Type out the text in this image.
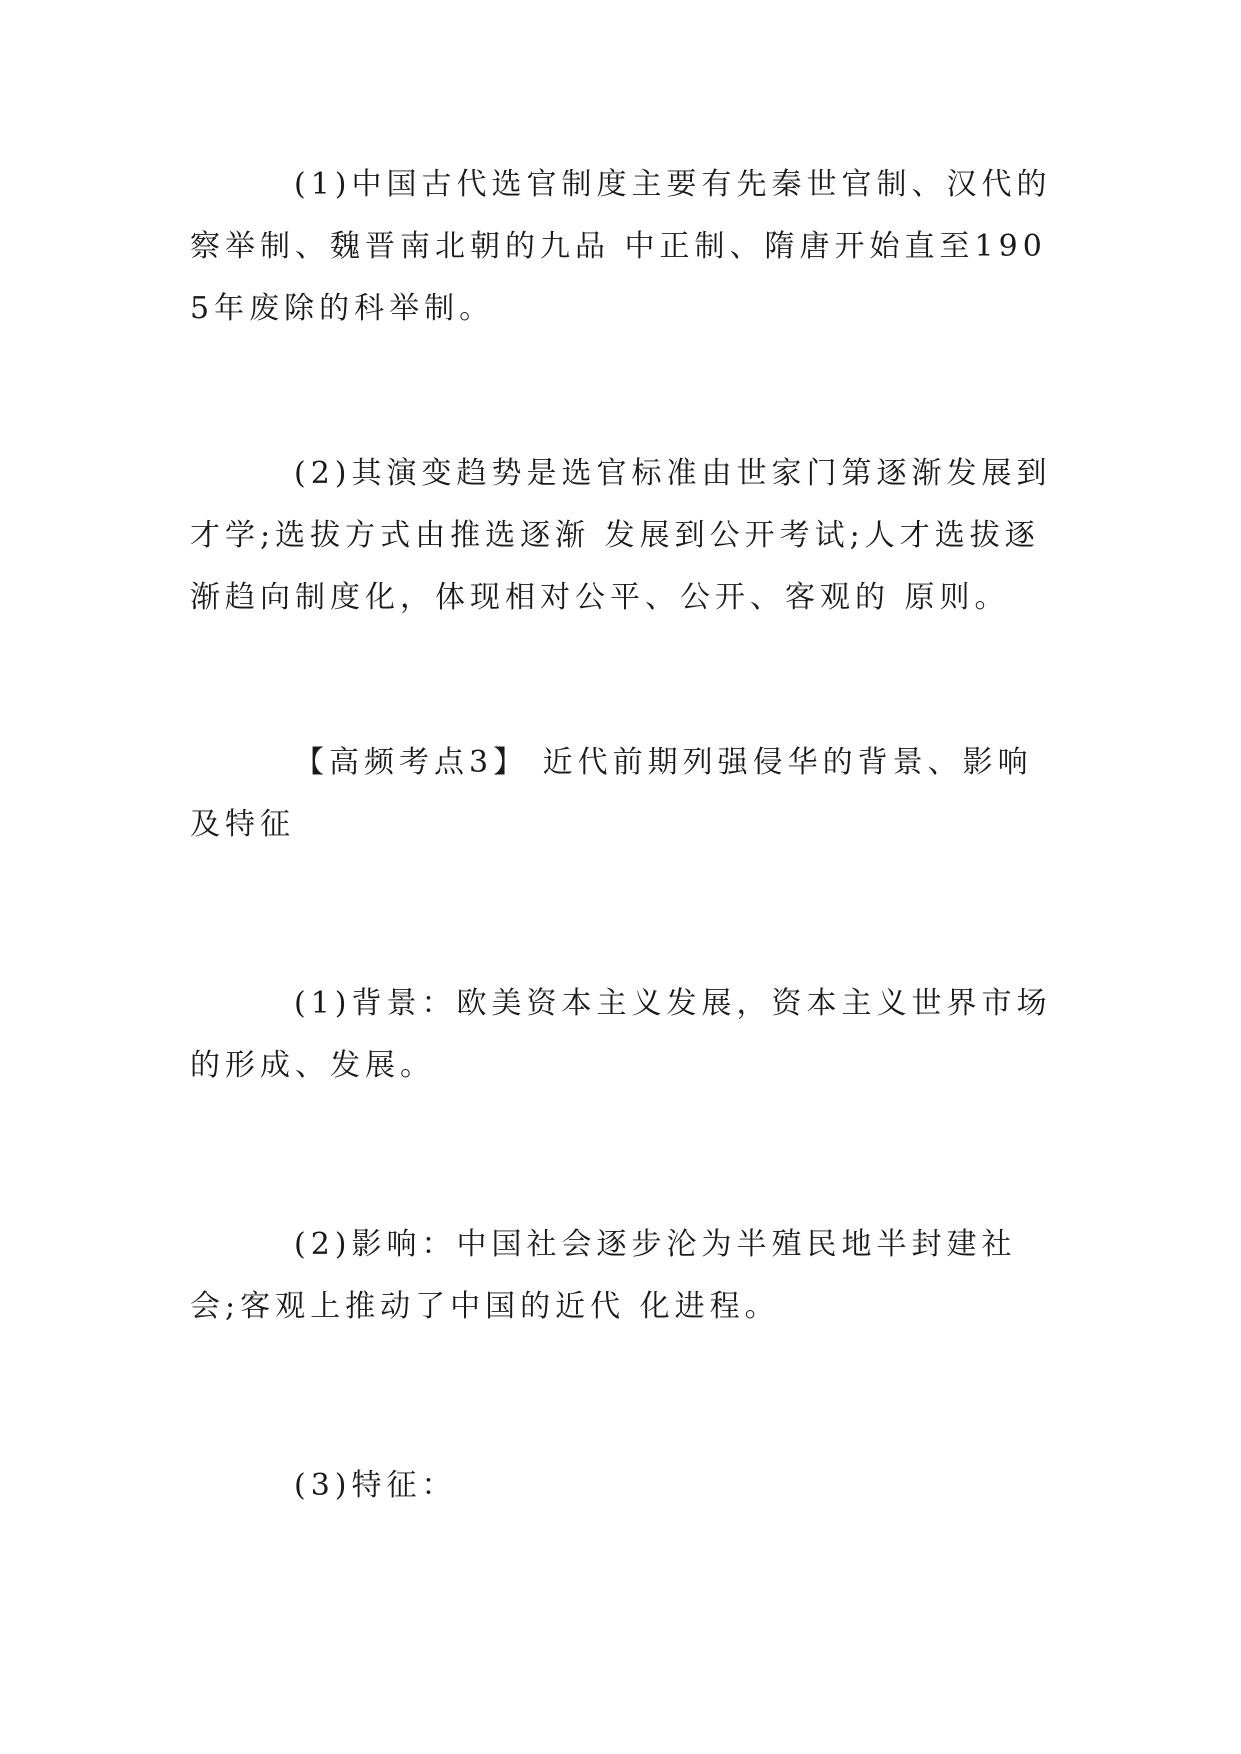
(1)中国古代选官制度主要有先秦世官制、汉代的察举制、魏晋南北朝的九品 中正制、隋唐开始直至1905年废除的科举制。

(2)其演变趋势是选官标准由世家门第逐渐发展到才学;选拔方式由推选逐渐 发展到公开考试;人才选拔逐渐趋向制度化，体现相对公平、公开、客观的 原则。

【高频考点3】 近代前期列强侵华的背景、影响及特征

(1)背景：欧美资本主义发展，资本主义世界市场的形成、发展。

(2)影响：中国社会逐步沦为半殖民地半封建社会;客观上推动了中国的近代 化进程。

(3)特征：
